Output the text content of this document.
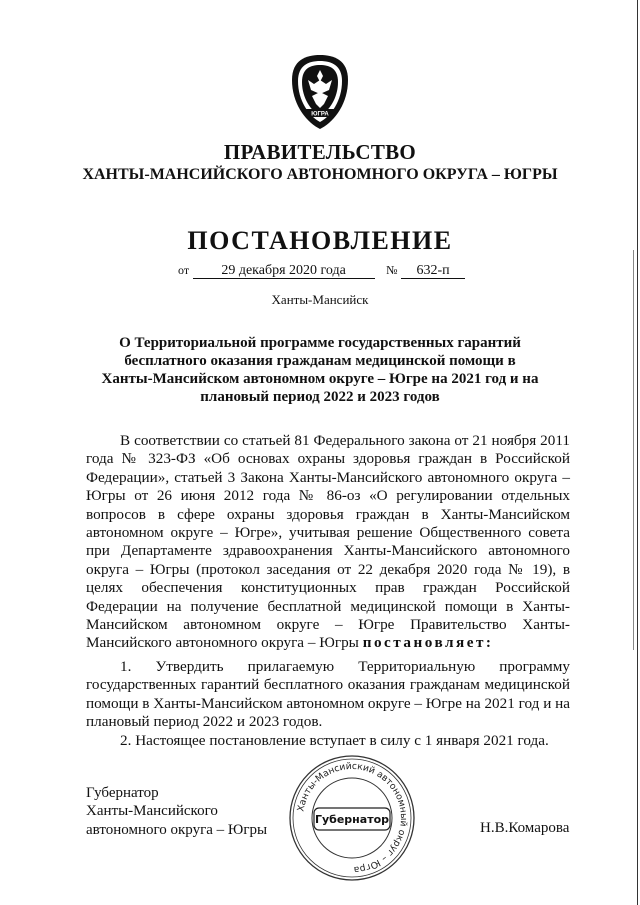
ЮГРА
ПРАВИТЕЛЬСТВО
ХАНТЫ-МАНСИЙСКОГО АВТОНОМНОГО ОКРУГА – ЮГРЫ
ПОСТАНОВЛЕНИЕ
от 29 декабря 2020 года	№ 632-п
Ханты-Мансийск
О Территориальной программе государственных гарантий бесплатного оказания гражданам медицинской помощи в Ханты-Мансийском автономном округе – Югре на 2021 год и на плановый период 2022 и 2023 годов
В соответствии со статьей 81 Федерального закона от 21 ноября 2011 года № 323-ФЗ «Об основах охраны здоровья граждан в Российской Федерации», статьей 3 Закона Ханты-Мансийского автономного округа – Югры от 26 июня 2012 года № 86-оз «О регулировании отдельных вопросов в сфере охраны здоровья граждан в Ханты-Мансийском автономном округе – Югре», учитывая решение Общественного совета при Департаменте здравоохранения Ханты-Мансийского автономного округа – Югры (протокол заседания от 22 декабря 2020 года № 19), в целях обеспечения конституционных прав граждан Российской Федерации на получение бесплатной медицинской помощи в Ханты-Мансийском автономном округе – Югре Правительство Ханты-Мансийского автономного округа – Югры постановляет:
1. Утвердить прилагаемую Территориальную программу государственных гарантий бесплатного оказания гражданам медицинской помощи в Ханты-Мансийском автономном округе – Югре на 2021 год и на плановый период 2022 и 2023 годов.
2. Настоящее постановление вступает в силу с 1 января 2021 года.
Губернатор
Ханты-Мансийского
автономного округа – Югры
Ханты-Мансийский автономный округ – Югра
Губернатор
Н.В.Комарова
